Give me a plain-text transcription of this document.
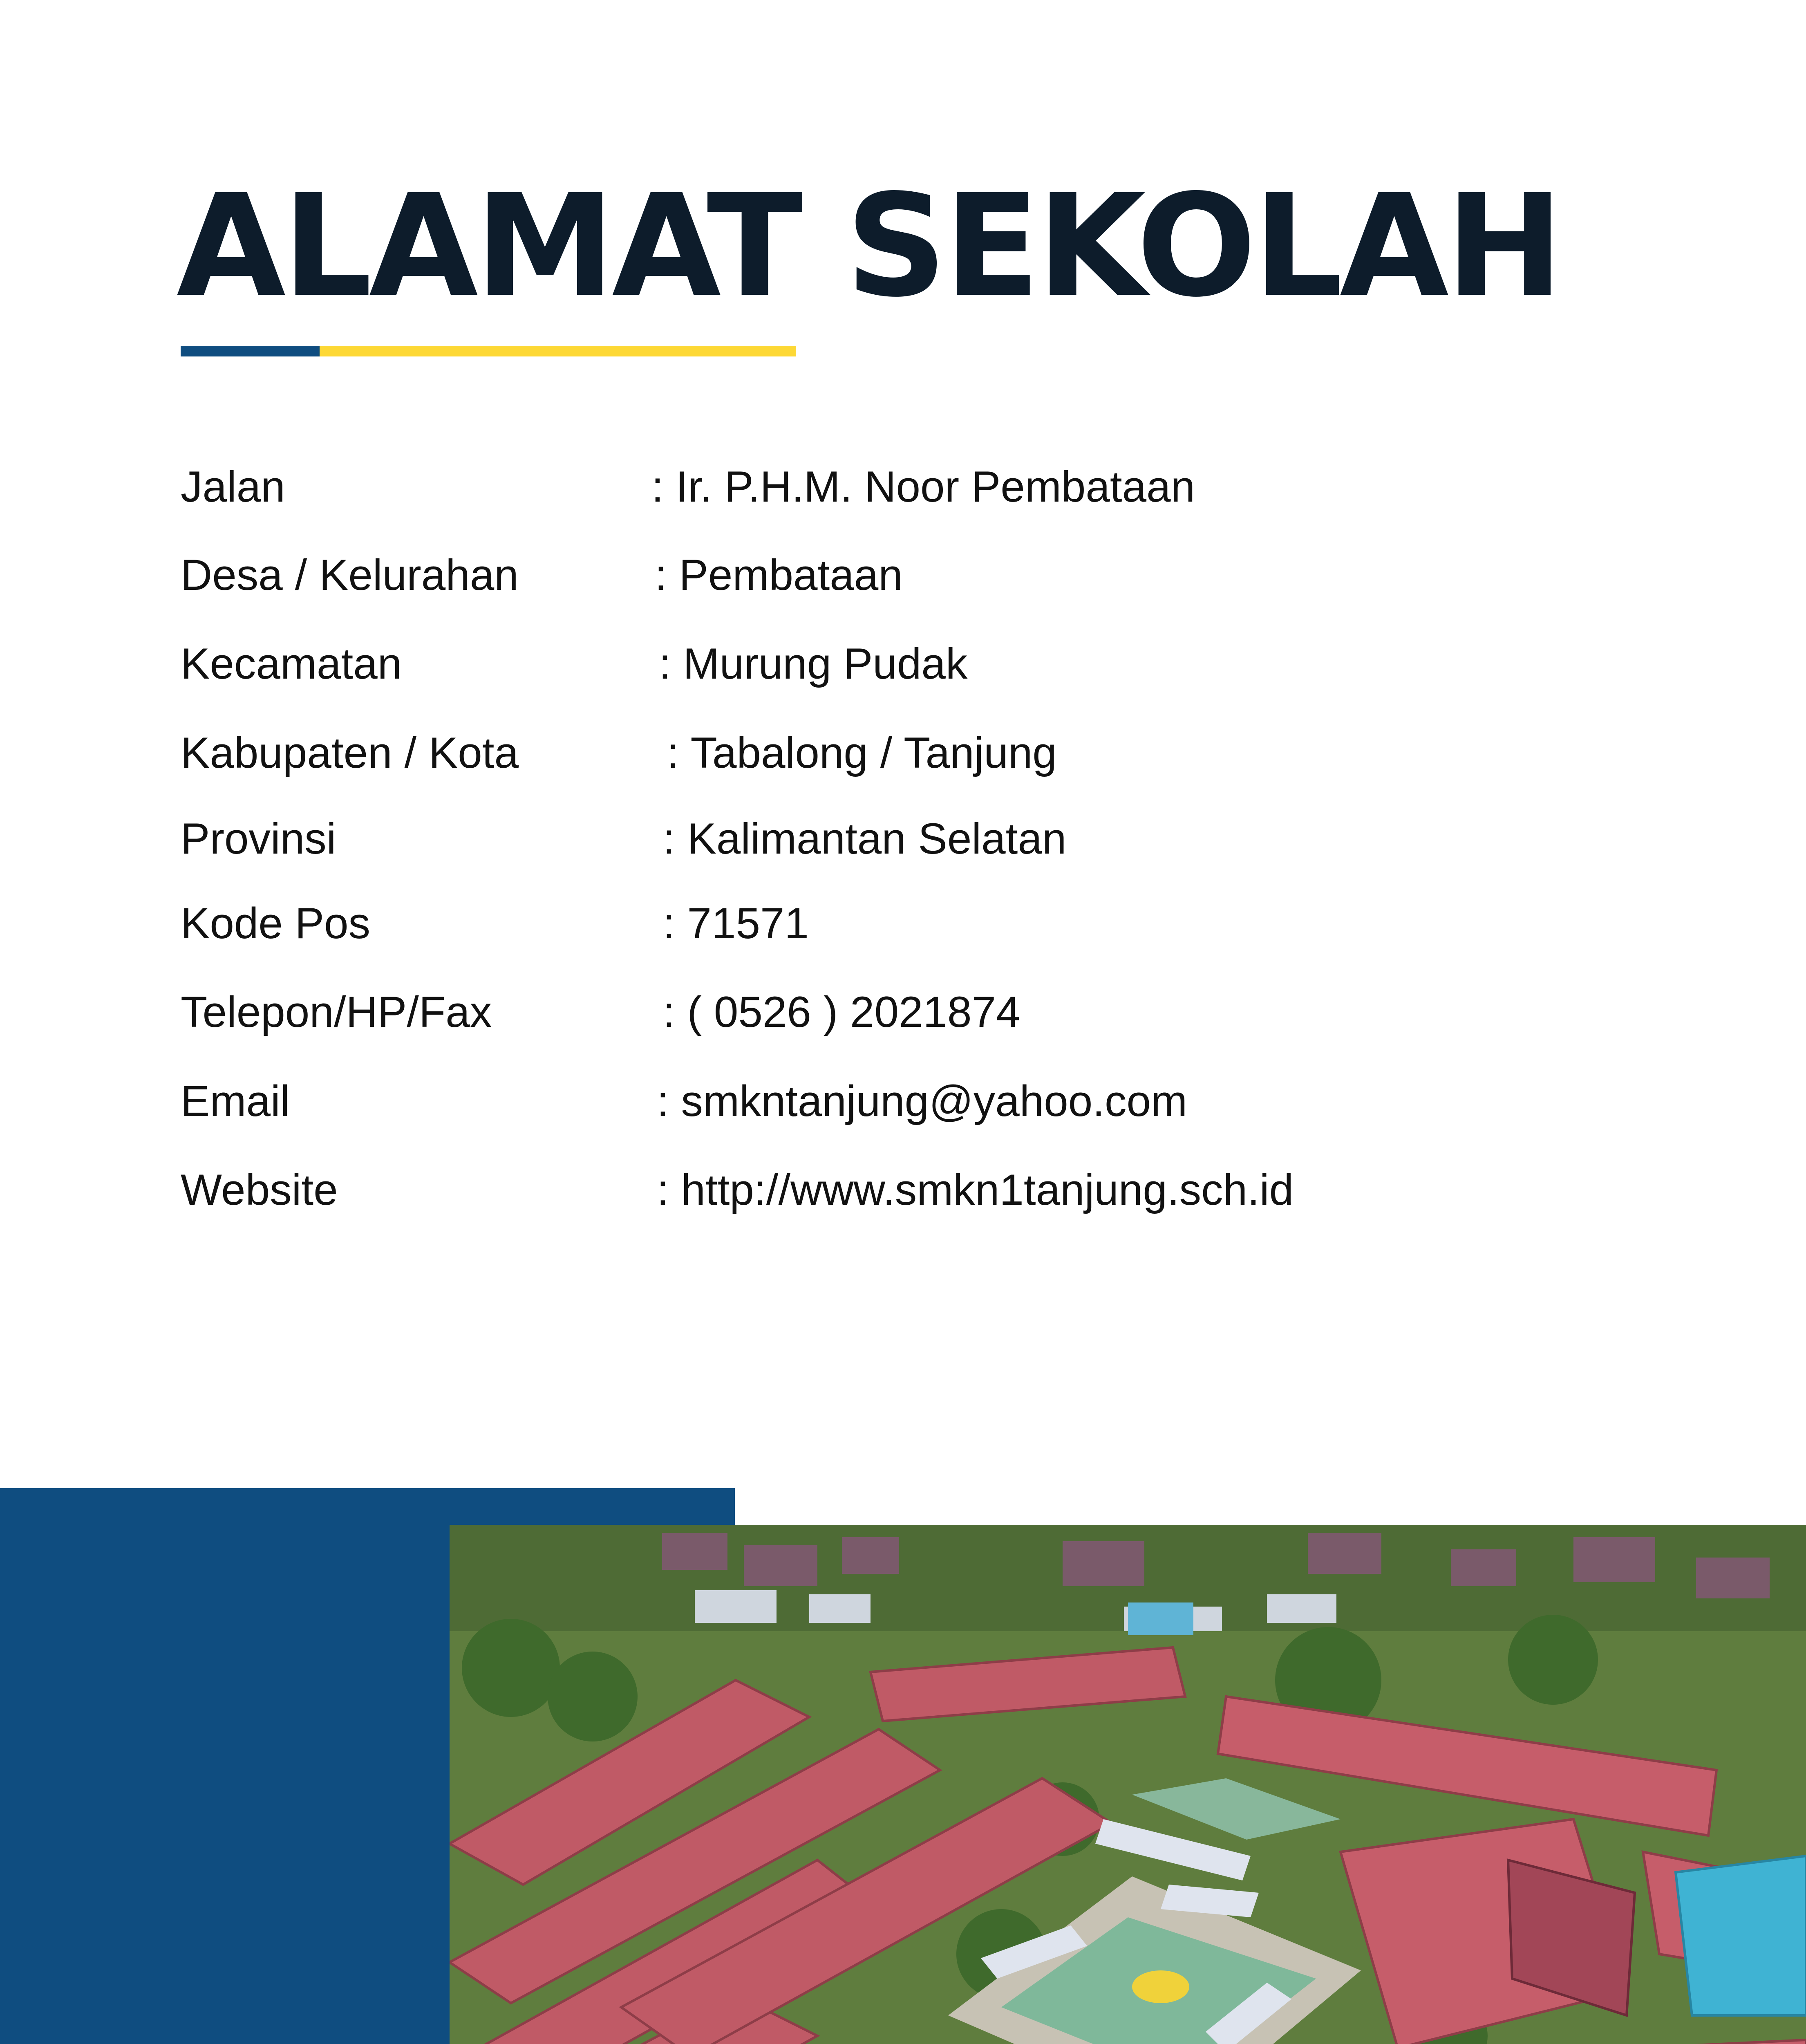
ALAMAT SEKOLAH
Jalan	: Ir. P.H.M. Noor Pembataan
Desa / Kelurahan	: Pembataan
Kecamatan	: Murung Pudak
Kabupaten / Kota	: Tabalong / Tanjung
Provinsi	: Kalimantan Selatan
Kode Pos	: 71571
Telepon/HP/Fax	: ( 0526 ) 2021874
Email	: smkntanjung@yahoo.com
Website	: http://www.smkn1tanjung.sch.id
